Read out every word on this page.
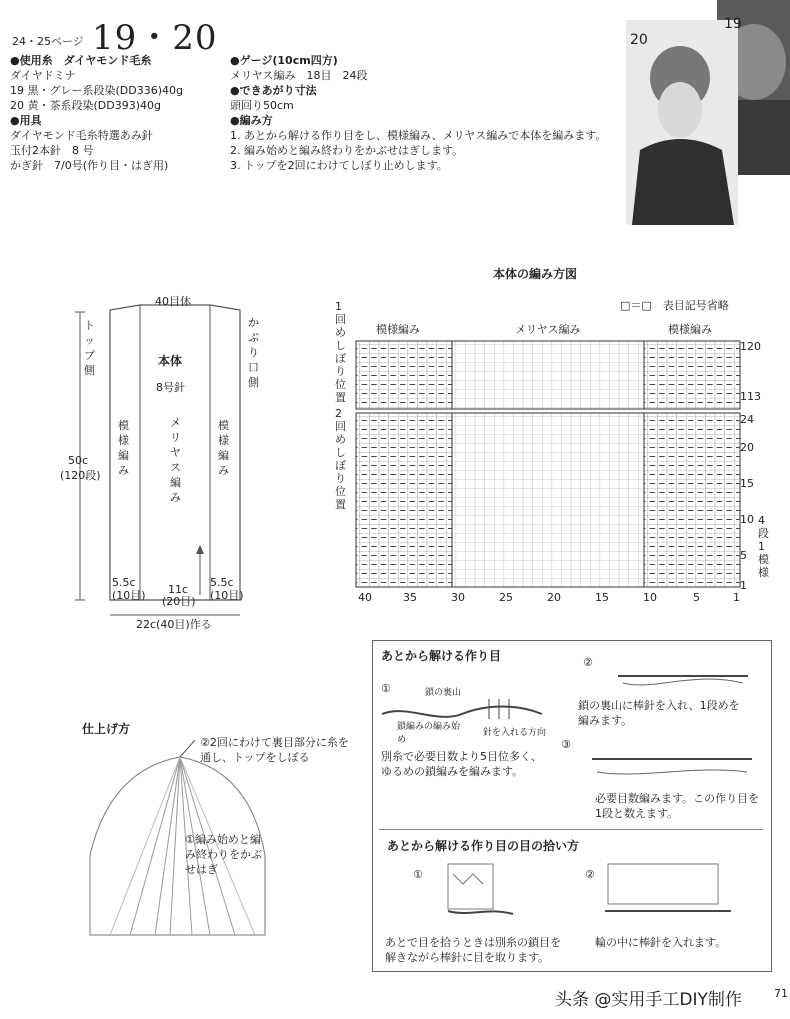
24・25ページ 19・20
●使用糸　ダイヤモンド毛糸
ダイヤドミナ
19 黒・グレー系段染(DD336)40g
20 黄・茶系段染(DD393)40g
●用具
ダイヤモンド毛糸特選あみ針
玉付2本針　8 号
かぎ針　7/0号(作り目・はぎ用)
●ゲージ(10cm四方)
メリヤス編み　18目　24段
●できあがり寸法
頭回り50cm
●編み方
1. あとから解ける作り目をし、模様編み、メリヤス編みで本体を編みます。
2. 編み始めと編み終わりをかぶせはぎします。
3. トップを2回にわけてしぼり止めします。
20
19
40目休
トップ側
かぶり口側
本体
8号針
模様編み
メリヤス編み
模様編み
50c
(120段)
5.5c
(10目) 11c
(20目)
5.5c
(10目)
22c(40目)作る
本体の編み方図
□＝□　表目記号省略
模様編み	メリヤス編み	模様編み
1回めしぼり位置
2回めしぼり位置
120
113
24
20
15
10
5
1
4段1模様
40	35	30	25	20	15	10	5	1
仕上げ方
②2回にわけて裏目部分に糸を通し、トップをしぼる
①編み始めと編み終わりをかぶせはぎ
あとから解ける作り目
①	鎖の裏山
鎖編みの編み始め
針を入れる方向
別糸で必要目数より5目位多く、ゆるめの鎖編みを編みます。
②
鎖の裏山に棒針を入れ、1段めを編みます。
③
必要目数編みます。この作り目を1段と数えます。
あとから解ける作り目の目の拾い方
①
あとで目を拾うときは別糸の鎖目を解きながら棒針に目を取ります。
②
輪の中に棒針を入れます。
头条 @实用手工DIY制作	71
